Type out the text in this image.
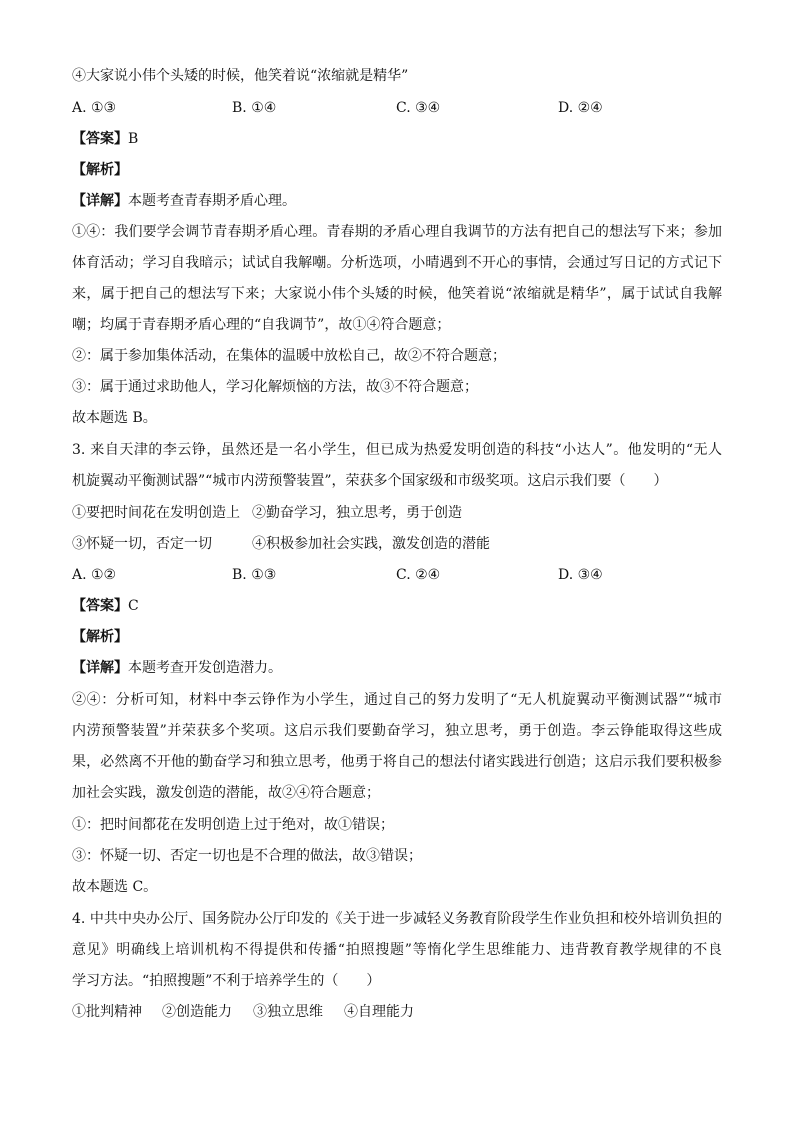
④大家说小伟个头矮的时候，他笑着说“浓缩就是精华”
A. ①③	B. ①④	C. ③④	D. ②④
【答案】B
【解析】
【详解】本题考查青春期矛盾心理。
①④：我们要学会调节青春期矛盾心理。青春期的矛盾心理自我调节的方法有把自己的想法写下来；参加
体育活动；学习自我暗示；试试自我解嘲。分析选项，小晴遇到不开心的事情，会通过写日记的方式记下
来，属于把自己的想法写下来；大家说小伟个头矮的时候，他笑着说“浓缩就是精华”，属于试试自我解
嘲；均属于青春期矛盾心理的“自我调节”，故①④符合题意；
②：属于参加集体活动，在集体的温暖中放松自己，故②不符合题意；
③：属于通过求助他人，学习化解烦恼的方法，故③不符合题意；
故本题选 B。
3. 来自天津的李云铮，虽然还是一名小学生，但已成为热爱发明创造的科技“小达人”。他发明的“无人
机旋翼动平衡测试器”“城市内涝预警装置”，荣获多个国家级和市级奖项。这启示我们要（　　）
①要把时间花在发明创造上 ②勤奋学习，独立思考，勇于创造
③怀疑一切，否定一切	④积极参加社会实践，激发创造的潜能
A. ①②	B. ①③	C. ②④	D. ③④
【答案】C
【解析】
【详解】本题考查开发创造潜力。
②④：分析可知，材料中李云铮作为小学生，通过自己的努力发明了“无人机旋翼动平衡测试器”“城市
内涝预警装置”并荣获多个奖项。这启示我们要勤奋学习，独立思考，勇于创造。李云铮能取得这些成
果，必然离不开他的勤奋学习和独立思考，他勇于将自己的想法付诸实践进行创造；这启示我们要积极参
加社会实践，激发创造的潜能，故②④符合题意；
①：把时间都花在发明创造上过于绝对，故①错误；
③：怀疑一切、否定一切也是不合理的做法，故③错误；
故本题选 C。
4. 中共中央办公厅、国务院办公厅印发的《关于进一步减轻义务教育阶段学生作业负担和校外培训负担的
意见》明确线上培训机构不得提供和传播“拍照搜题”等惰化学生思维能力、违背教育教学规律的不良
学习方法。“拍照搜题”不利于培养学生的（　　）
①批判精神 ②创造能力 ③独立思维 ④自理能力
